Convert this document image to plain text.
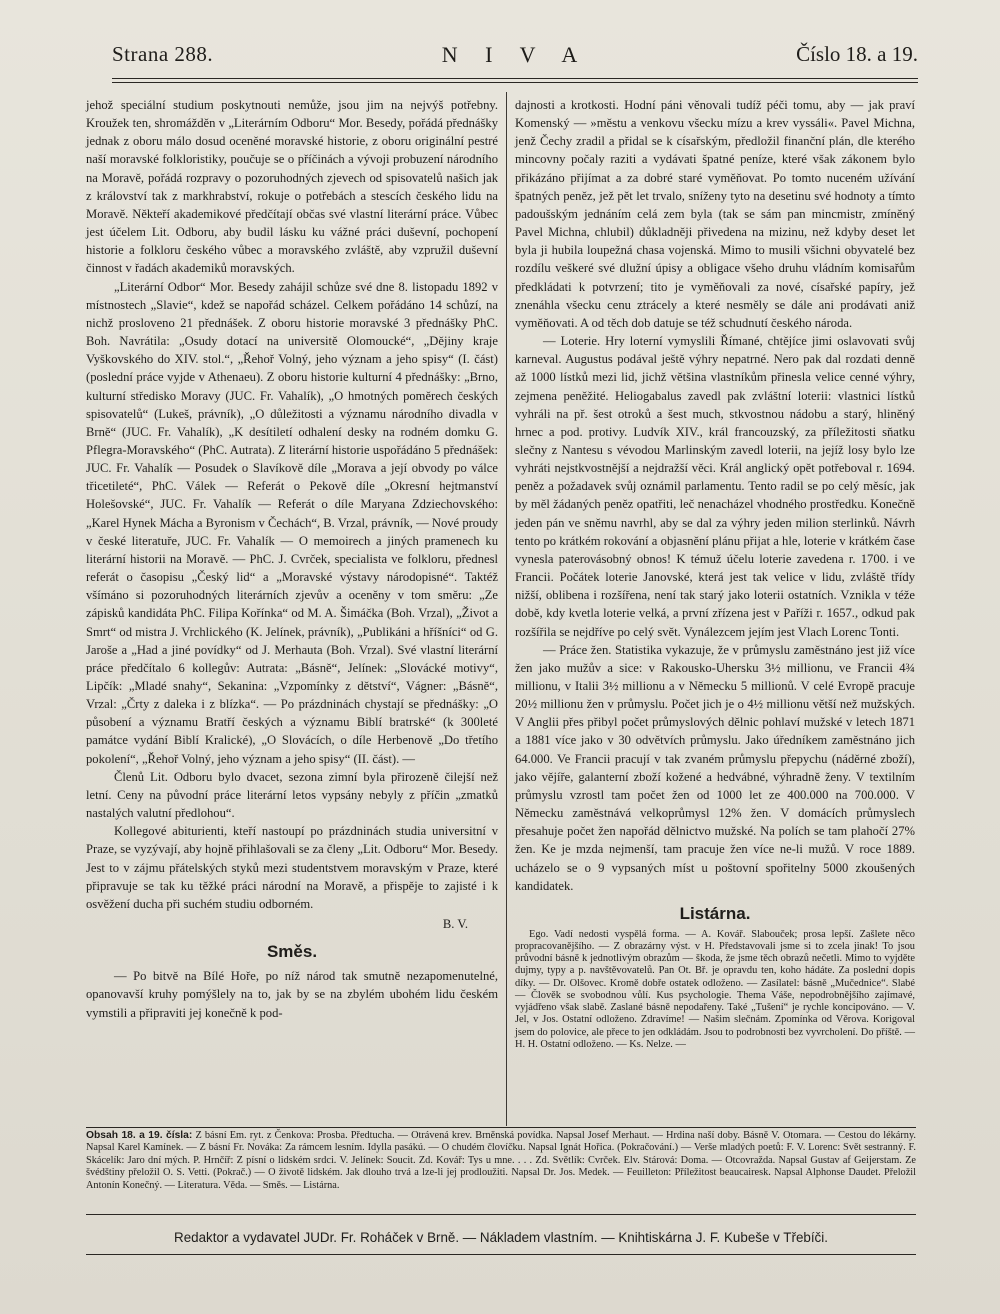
Strana 288.	N I V A	Číslo 18. a 19.

jehož speciální studium poskytnouti nemůže, jsou jim na nejvýš potřebny. Kroužek ten, shromážděn v „Literárním Odboru“ Mor. Besedy, pořádá přednášky jednak z oboru málo dosud oceněné moravské historie, z oboru originální pestré naší moravské folkloristiky, poučuje se o příčinách a vývoji probuzení národního na Moravě, pořádá rozpravy o pozoruhodných zjevech od spisovatelů našich jak z království tak z markhrabství, rokuje o potřebách a stescích českého lidu na Moravě. Někteří akademikové předčítají občas své vlastní literární práce. Vůbec jest účelem Lit. Odboru, aby budil lásku ku vážné práci duševní, pochopení historie a folkloru českého vůbec a moravského zvláště, aby vzpružil duševní činnost v řadách akademiků moravských.

„Literární Odbor“ Mor. Besedy zahájil schůze své dne 8. listopadu 1892 v místnostech „Slavie“, kdež se napořád scházel. Celkem pořádáno 14 schůzí, na nichž prosloveno 21 přednášek. Z oboru historie moravské 3 přednášky PhC. Boh. Navrátila: „Osudy dotací na universitě Olomoucké“, „Dějiny kraje Vyškovského do XIV. stol.“, „Řehoř Volný, jeho význam a jeho spisy“ (I. část) (poslední práce vyjde v Athenaeu). Z oboru historie kulturní 4 přednášky: „Brno, kulturní středisko Moravy (JUC. Fr. Vahalík), „O hmotných poměrech českých spisovatelů“ (Lukeš, právník), „O důležitosti a významu národního divadla v Brně“ (JUC. Fr. Vahalík), „K desítiletí odhalení desky na rodném domku G. Pflegra-Moravského“ (PhC. Autrata). Z literární historie uspořádáno 5 přednášek: JUC. Fr. Vahalík — Posudek o Slavíkově díle „Morava a její obvody po válce třicetileté“, PhC. Válek — Referát o Pekově díle „Okresní hejtmanství Holešovské“, JUC. Fr. Vahalík — Referát o díle Maryana Zdziechovského: „Karel Hynek Mácha a Byronism v Čechách“, B. Vrzal, právník, — Nové proudy v české literatuře, JUC. Fr. Vahalík — O memoirech a jiných pramenech ku literární historii na Moravě. — PhC. J. Cvrček, specialista ve folkloru, přednesl referát o časopisu „Český lid“ a „Moravské výstavy národopisné“. Taktéž všímáno si pozoruhodných literárních zjevův a oceněny v tom směru: „Ze zápisků kandidáta PhC. Filipa Kořínka“ od M. A. Šimáčka (Boh. Vrzal), „Život a Smrt“ od mistra J. Vrchlického (K. Jelínek, právník), „Publikáni a hříšníci“ od G. Jaroše a „Had a jiné povídky“ od J. Merhauta (Boh. Vrzal). Své vlastní literární práce předčítalo 6 kollegův: Autrata: „Básně“, Jelínek: „Slovácké motivy“, Lipčík: „Mladé snahy“, Sekanina: „Vzpomínky z dětství“, Vágner: „Básně“, Vrzal: „Črty z daleka i z blízka“. — Po prázdninách chystají se přednášky: „O působení a významu Bratří českých a významu Biblí bratrské“ (k 300leté památce vydání Biblí Kralické), „O Slovácích, o díle Herbenově „Do třetího pokolení“, „Řehoř Volný, jeho význam a jeho spisy“ (II. část). —

Členů Lit. Odboru bylo dvacet, sezona zimní byla přirozeně čilejší než letní. Ceny na původní práce literární letos vypsány nebyly z příčin „zmatků nastalých valutní předlohou“.

Kollegové abiturienti, kteří nastoupí po prázdninách studia universitní v Praze, se vyzývají, aby hojně přihlašovali se za členy „Lit. Odboru“ Mor. Besedy. Jest to v zájmu přátelských styků mezi studentstvem moravským v Praze, které připravuje se tak ku těžké práci národní na Moravě, a přispěje to zajisté i k osvěžení ducha při suchém studiu odborném.

B. V.
Směs.

— Po bitvě na Bílé Hoře, po níž národ tak smutně nezapomenutelné, opanovavší kruhy pomýšlely na to, jak by se na zbylém ubohém lidu českém vymstili a připraviti jej konečně k pod-

dajnosti a krotkosti. Hodní páni věnovali tudíž péči tomu, aby — jak praví Komenský — »městu a venkovu všecku mízu a krev vyssáli«. Pavel Michna, jenž Čechy zradil a přidal se k císařským, předložil finanční plán, dle kterého mincovny počaly raziti a vydávati špatné peníze, které však zákonem bylo přikázáno přijímat a za dobré staré vyměňovat. Po tomto nuceném užívání špatných peněz, jež pět let trvalo, sníženy tyto na desetinu své hodnoty a tímto padoušským jednáním celá zem byla (tak se sám pan mincmistr, zmíněný Pavel Michna, chlubil) důkladněji přivedena na mizinu, než kdyby deset let byla ji hubila loupežná chasa vojenská. Mimo to musili všichni obyvatelé bez rozdílu veškeré své dlužní úpisy a obligace všeho druhu vládním komisařům předkládati k potvrzení; tito je vyměňovali za nové, císařské papíry, jež znenáhla všecku cenu ztrácely a které nesměly se dále ani prodávati aniž vyměňovati. A od těch dob datuje se též schudnutí českého národa.

— Loterie. Hry loterní vymyslili Římané, chtějíce jimi oslavovati svůj karneval. Augustus podával ještě výhry nepatrné. Nero pak dal rozdati denně až 1000 lístků mezi lid, jichž většina vlastníkům přinesla velice cenné výhry, zejmena peněžité. Heliogabalus zavedl pak zvláštní loterii: vlastnici lístků vyhráli na př. šest otroků a šest much, stkvostnou nádobu a starý, hliněný hrnec a pod. protivy. Ludvík XIV., král francouzský, za příležitosti sňatku slečny z Nantesu s vévodou Marlinským zavedl loterii, na jejíž losy bylo lze vyhráti nejstkvostnější a nejdražší věci. Král anglický opět potřeboval r. 1694. peněz a požadavek svůj oznámil parlamentu. Tento radil se po celý měsíc, jak by měl žádaných peněz opatřiti, leč nenacházel vhodného prostředku. Konečně jeden pán ve sněmu navrhl, aby se dal za výhry jeden milion sterlinků. Návrh tento po krátkém rokování a objasnění plánu přijat a hle, loterie v krátkém čase vynesla paterονásobný obnos! K témuž účelu loterie zavedena r. 1700. i ve Francii. Počátek loterie Janovské, která jest tak velice v lidu, zvláště třídy nižší, oblibena i rozšířena, není tak starý jako loterii ostatních. Vznikla v téže době, kdy kvetla loterie velká, a první zřízena jest v Paříži r. 1657., odkud pak rozšířila se nejdříve po celý svět. Vynálezcem jejím jest Vlach Lorenc Tonti.

— Práce žen. Statistika vykazuje, že v průmyslu zaměstnáno jest již více žen jako mužův a sice: v Rakousko-Uhersku 3½ millionu, ve Francii 4¾ millionu, v Italii 3½ millionu a v Německu 5 millionů. V celé Evropě pracuje 20½ millionu žen v průmyslu. Počet jich je o 4½ millionu větší než mužských. V Anglii přes přibyl počet průmyslových dělnic pohlaví mužské v letech 1871 a 1881 více jako v 30 odvětvích průmyslu. Jako úředníkem zaměstnáno jich 64.000. Ve Francii pracují v tak zvaném průmyslu přepychu (náděrné zboží), jako vějíře, galanterní zboží kožené a hedvábné, výhradně ženy. V textilním průmyslu vzrostl tam počet žen od 1000 let ze 400.000 na 700.000. V Německu zaměstnává velkoprůmysl 12% žen. V domácích průmyslech přesahuje počet žen napořád dělnictvo mužské. Na polích se tam plahočí 27% žen. Ke je mzda nejmenší, tam pracuje žen více ne-li mužů. V roce 1889. ucházelo se o 9 vypsaných míst u poštovní spořitelny 5000 zkoušených kandidatek.

Listárna.

Ego. Vadí nedosti vyspělá forma. — A. Kovář. Slabouček; prosa lepší. Zašlete něco propracovanějšího. — Z obrazárny výst. v H. Představovali jsme si to zcela jinak! To jsou průvodní básně k jednotlivým obrazům — škoda, že jsme těch obrazů nečetli. Mimo to vyjděte dujmy, typy a p. navštěvovatelů. Pan Ot. Bř. je opravdu ten, koho hádáte. Za poslední dopis díky. — Dr. Olšovec. Kromě dobře ostatek odloženo. — Zasílatel: básně „Mučednice“. Slabé — Člověk se svobodnou vůlí. Kus psychologie. Thema Váše, nepodrobnějšího zajímavé, vyjádřeno však slabě. Zaslané básně nepodařeny. Také „Tušení“ je rychle koncipováno. — V. Jel, v Jos. Ostatní odloženo. Zdravíme! — Našim slečnám. Zpomínka od Věrova. Korigoval jsem do polovice, ale přece to jen odkládám. Jsou to podrobnosti bez vyvrcholení. Do příště. — H. H. Ostatní odloženo. — Ks. Nelze. —

Obsah 18. a 19. čísla: Z básní Em. ryt. z Čenkova: Prosba. Předtucha. — Otrávená krev. Brněnská povídka. Napsal Josef Merhaut. — Hrdina naší doby. Básně V. Otomara. — Cestou do lékárny. Napsal Karel Kamínek. — Z básní Fr. Nováka: Za rámcem lesním. Idylla pasákú. — O chudém človíčku. Napsal Ignát Hořica. (Pokračování.) — Verše mladých poetů: F. V. Lorenc: Svět sestranný. F. Skácelík: Jaro dní mých. P. Hrnčíř: Z písní o lidském srdci. V. Jelínek: Soucit. Zd. Kovář: Tys u mne. . . . Zd. Světlík: Cvrček. Elv. Stárová: Doma. — Otcovražda. Napsal Gustav af Geijerstam. Ze švédštiny přeložil O. S. Vetti. (Pokrač.) — O životě lidském. Jak dlouho trvá a lze-li jej prodloužiti. Napsal Dr. Jos. Medek. — Feuilleton: Příležitost beaucairesk. Napsal Alphonse Daudet. Přeložil Antonín Konečný. — Literatura. Věda. — Směs. — Listárna.
Redaktor a vydavatel JUDr. Fr. Roháček v Brně. — Nákladem vlastním. — Knihtiskárna J. F. Kubeše v Třebíči.
